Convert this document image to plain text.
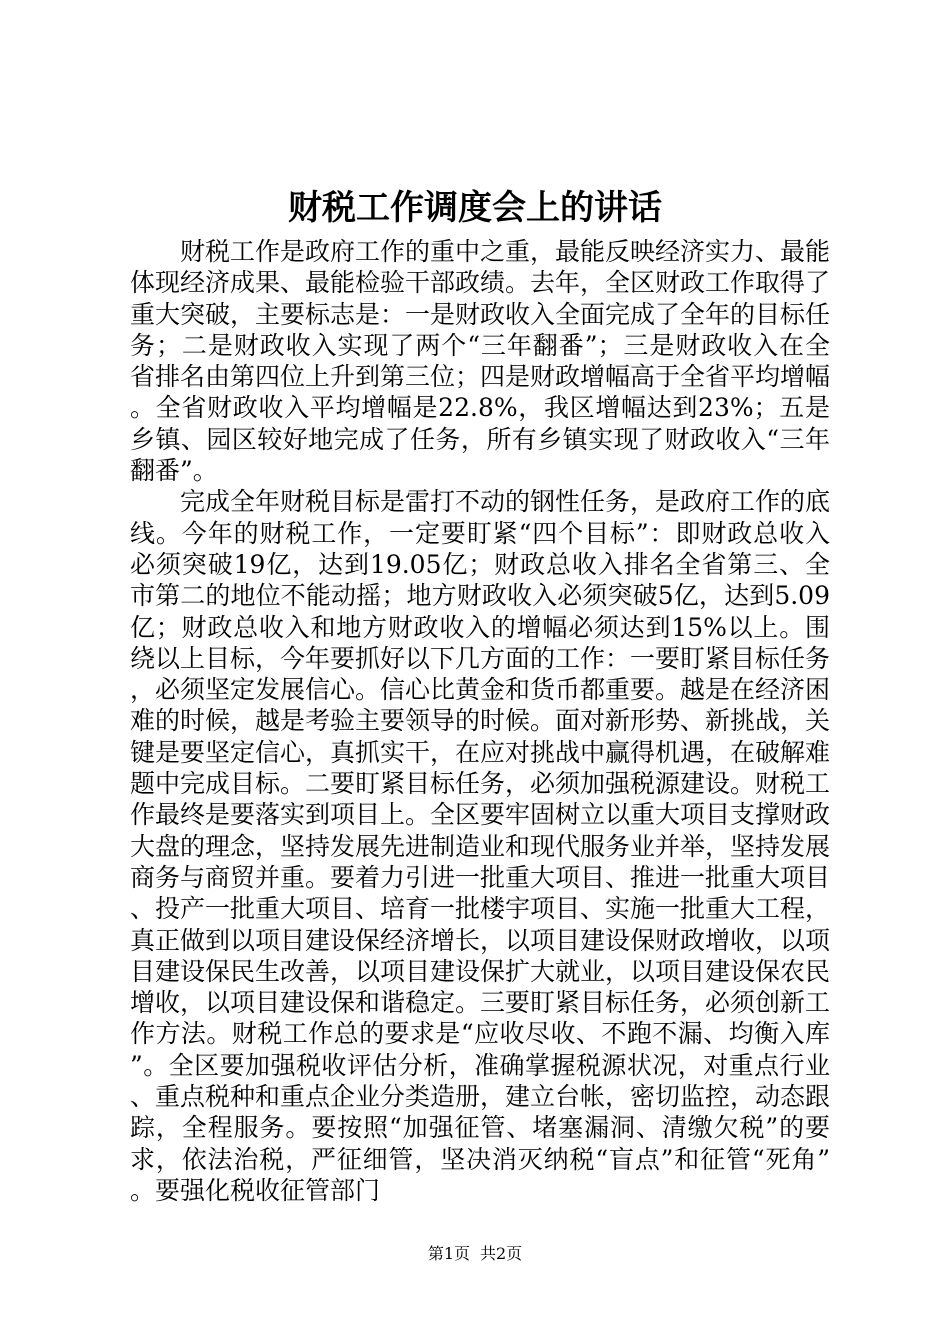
财税工作调度会上的讲话

财税工作是政府工作的重中之重，最能反映经济实力、最能体现经济成果、最能检验干部政绩。去年，全区财政工作取得了重大突破，主要标志是：一是财政收入全面完成了全年的目标任务；二是财政收入实现了两个“三年翻番”；三是财政收入在全省排名由第四位上升到第三位；四是财政增幅高于全省平均增幅。全省财政收入平均增幅是22.8%，我区增幅达到23%；五是乡镇、园区较好地完成了任务，所有乡镇实现了财政收入“三年翻番”。

完成全年财税目标是雷打不动的钢性任务，是政府工作的底线。今年的财税工作，一定要盯紧“四个目标”：即财政总收入必须突破19亿，达到19.05亿；财政总收入排名全省第三、全市第二的地位不能动摇；地方财政收入必须突破5亿，达到5.09亿；财政总收入和地方财政收入的增幅必须达到15%以上。围绕以上目标，今年要抓好以下几方面的工作：一要盯紧目标任务，必须坚定发展信心。信心比黄金和货币都重要。越是在经济困难的时候，越是考验主要领导的时候。面对新形势、新挑战，关键是要坚定信心，真抓实干，在应对挑战中赢得机遇，在破解难题中完成目标。二要盯紧目标任务，必须加强税源建设。财税工作最终是要落实到项目上。全区要牢固树立以重大项目支撑财政大盘的理念，坚持发展先进制造业和现代服务业并举，坚持发展商务与商贸并重。要着力引进一批重大项目、推进一批重大项目、投产一批重大项目、培育一批楼宇项目、实施一批重大工程，真正做到以项目建设保经济增长，以项目建设保财政增收，以项目建设保民生改善，以项目建设保扩大就业，以项目建设保农民增收，以项目建设保和谐稳定。三要盯紧目标任务，必须创新工作方法。财税工作总的要求是“应收尽收、不跑不漏、均衡入库”。全区要加强税收评估分析，准确掌握税源状况，对重点行业、重点税种和重点企业分类造册，建立台帐，密切监控，动态跟踪，全程服务。要按照“加强征管、堵塞漏洞、清缴欠税”的要求，依法治税，严征细管，坚决消灭纳税“盲点”和征管“死角”。要强化税收征管部门

第1页 共2页
